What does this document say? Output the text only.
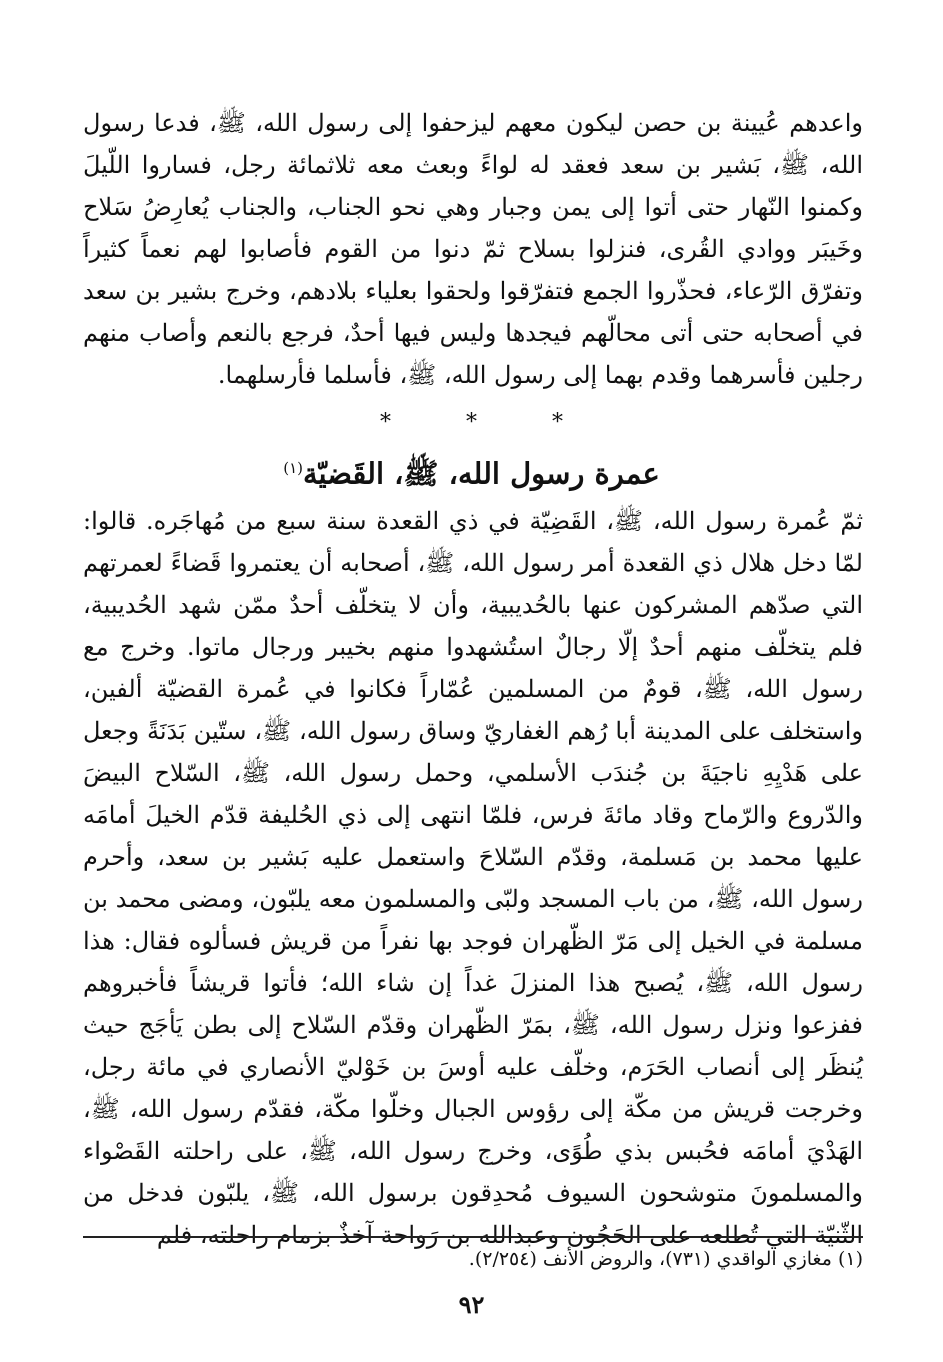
واعدهم عُيينة بن حصن ليكون معهم ليزحفوا إلى رسول الله، ﷺ، فدعا رسول الله، ﷺ، بَشير بن سعد فعقد له لواءً وبعث معه ثلاثمائة رجل، فساروا اللّيلَ وكمنوا النّهار حتى أتوا إلى يمن وجبار وهي نحو الجناب، والجناب يُعارِضُ سَلاح وخَيبَر ووادي القُرى، فنزلوا بسلاح ثمّ دنوا من القوم فأصابوا لهم نعماً كثيراً وتفرّق الرّعاء، فحذّروا الجمع فتفرّقوا ولحقوا بعلياء بلادهم، وخرج بشير بن سعد في أصحابه حتى أتى محالّهم فيجدها وليس فيها أحدٌ، فرجع بالنعم وأصاب منهم رجلين فأسرهما وقدم بهما إلى رسول الله، ﷺ، فأسلما فأرسلهما.

*	*	*
عمرة رسول الله، ﷺ، القَضيّة$^{(١)}$

ثمّ عُمرة رسول الله، ﷺ، القَضِيّة في ذي القعدة سنة سبع من مُهاجَره. قالوا: لمّا دخل هلال ذي القعدة أمر رسول الله، ﷺ، أصحابه أن يعتمروا قَضاءً لعمرتهم التي صدّهم المشركون عنها بالحُديبية، وأن لا يتخلّف أحدٌ ممّن شهد الحُديبية، فلم يتخلّف منهم أحدٌ إلّا رجالٌ استُشهدوا منهم بخيبر ورجال ماتوا. وخرج مع رسول الله، ﷺ، قومٌ من المسلمين عُمّاراً فكانوا في عُمرة القضيّة ألفين، واستخلف على المدينة أبا رُهم الغفاريّ وساق رسول الله، ﷺ، ستّين بَدَنَةً وجعل على هَدْيِهِ ناجيَةَ بن جُندَب الأسلمي، وحمل رسول الله، ﷺ، السّلاح البيضَ والدّروع والرّماح وقاد مائةَ فرس، فلمّا انتهى إلى ذي الحُليفة قدّم الخيلَ أمامَه عليها محمد بن مَسلمة، وقدّم السّلاحَ واستعمل عليه بَشير بن سعد، وأحرم رسول الله، ﷺ، من باب المسجد ولبّى والمسلمون معه يلبّون، ومضى محمد بن مسلمة في الخيل إلى مَرّ الظّهران فوجد بها نفراً من قريش فسألوه فقال: هذا رسول الله، ﷺ، يُصبح هذا المنزلَ غداً إن شاء الله؛ فأتوا قريشاً فأخبروهم ففزعوا ونزل رسول الله، ﷺ، بمَرّ الظّهران وقدّم السّلاح إلى بطن يَأجَج حيث يُنظَر إلى أنصاب الحَرَم، وخلّف عليه أوسَ بن خَوْليّ الأنصاري في مائة رجل، وخرجت قريش من مكّة إلى رؤوس الجبال وخلّوا مكّة، فقدّم رسول الله، ﷺ، الهَدْيَ أمامَه فحُبس بذي طُوًى، وخرج رسول الله، ﷺ، على راحلته القَصْواء والمسلمونَ متوشحون السيوف مُحدِقون برسول الله، ﷺ، يلبّون فدخل من الثّنيّة التي تُطلعه على الحَجُون وعبدالله بن رَواحة آخذٌ بزمام راحلته، فلم

(١) مغازي الواقدي (٧٣١)، والروض الأنف (٢/٢٥٤).
٩٢
